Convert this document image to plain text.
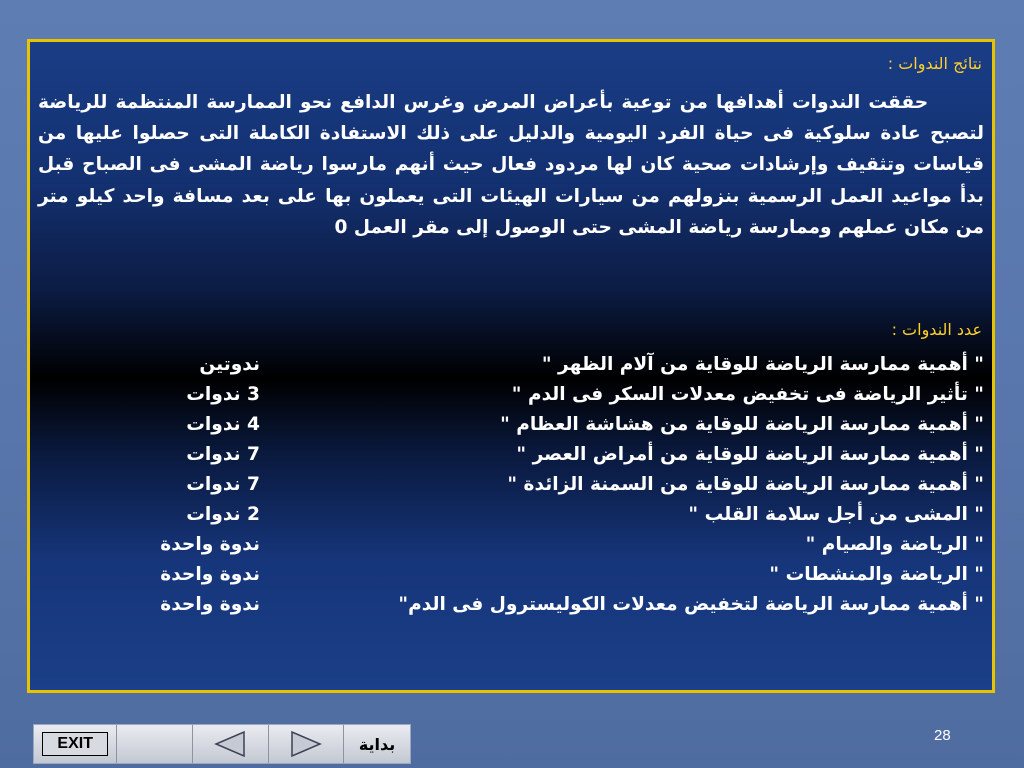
نتائج الندوات :
حققت الندوات أهدافها من توعية بأعراض المرض وغرس الدافع نحو الممارسة المنتظمة للرياضة لتصبح عادة سلوكية فى حياة الفرد اليومية والدليل على ذلك الاستفادة الكاملة التى حصلوا عليها من قياسات وتثقيف وإرشادات صحية كان لها مردود فعال حيث أنهم مارسوا رياضة المشى فى الصباح قبل بدأ مواعيد العمل الرسمية بنزولهم من سيارات الهيئات التى يعملون بها على بعد مسافة واحد كيلو متر من مكان عملهم وممارسة رياضة المشى حتى الوصول إلى مقر العمل 0
عدد الندوات :
" أهمية ممارسة الرياضة للوقاية من آلام الظهر "
ندوتين
" تأثير الرياضة فى تخفيض معدلات السكر فى الدم "
3 ندوات
" أهمية ممارسة الرياضة للوقاية من هشاشة العظام "
4 ندوات
" أهمية ممارسة الرياضة للوقاية من أمراض العصر "
7 ندوات
" أهمية ممارسة الرياضة للوقاية من السمنة الزائدة "
7 ندوات
" المشى من أجل سلامة القلب "
2 ندوات
" الرياضة والصيام "
ندوة واحدة
" الرياضة والمنشطات "
ندوة واحدة
" أهمية ممارسة الرياضة لتخفيض معدلات الكوليسترول فى الدم"
ندوة واحدة
EXIT	بداية	28
